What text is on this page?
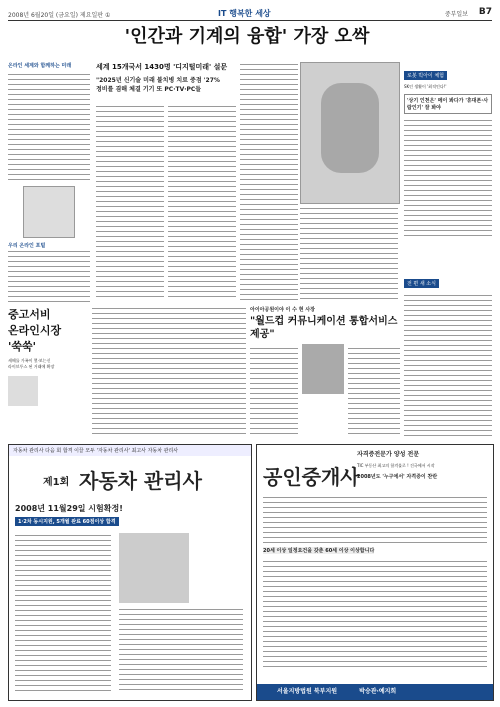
2008년 6월20일 (금요일) 제요일판 ①	IT 행복한 세상	중부일보 B7
온라인 세계와 함께하는 미래
우리 온라인 포털
'인간과 기계의 융합' 가장 오싹
세계 15개국서 1430명 '디지털미래' 설문
"2025년 신기술 미래 불치병 치료 중점 '27%
정비를 겸해 체결 기기 또 PC·TV·PC들
로봇 빅아이 체험
SK인 생활이 '최적인다!'
'상기 인천은' 메이 봐다가 '휴대폰·사람인기' 잘 봐야
전 편 새 소식
중고서비
온라인시장
'쑥쑥'
새해를 가족이 몇·보는신
라이브투스 된 거래에 확장
아이아공원이야 이 수 현 사장
"월드컵 커뮤니케이션 통합서비스 제공"
자동차 관리사 다음 회 합격 이끌 모두 '자동차 관리사' 최고사 자동차 관리사
제1회 자동차 관리사
2008년 11월29일 시험확정!
1·2차 동시지원, 5개월 완료 60점이상 합격
자격증전문가 양성 전문
공인중개사
TIC 부동산 최고의 합격률로 ! 건국에서 시작
2008년도 '누구에서' 자격증이 찬란
20세 이상 일정요건을 갖춘 60세 이상 이상합니다
서울지방법원 북부지원	박승관·예지희
